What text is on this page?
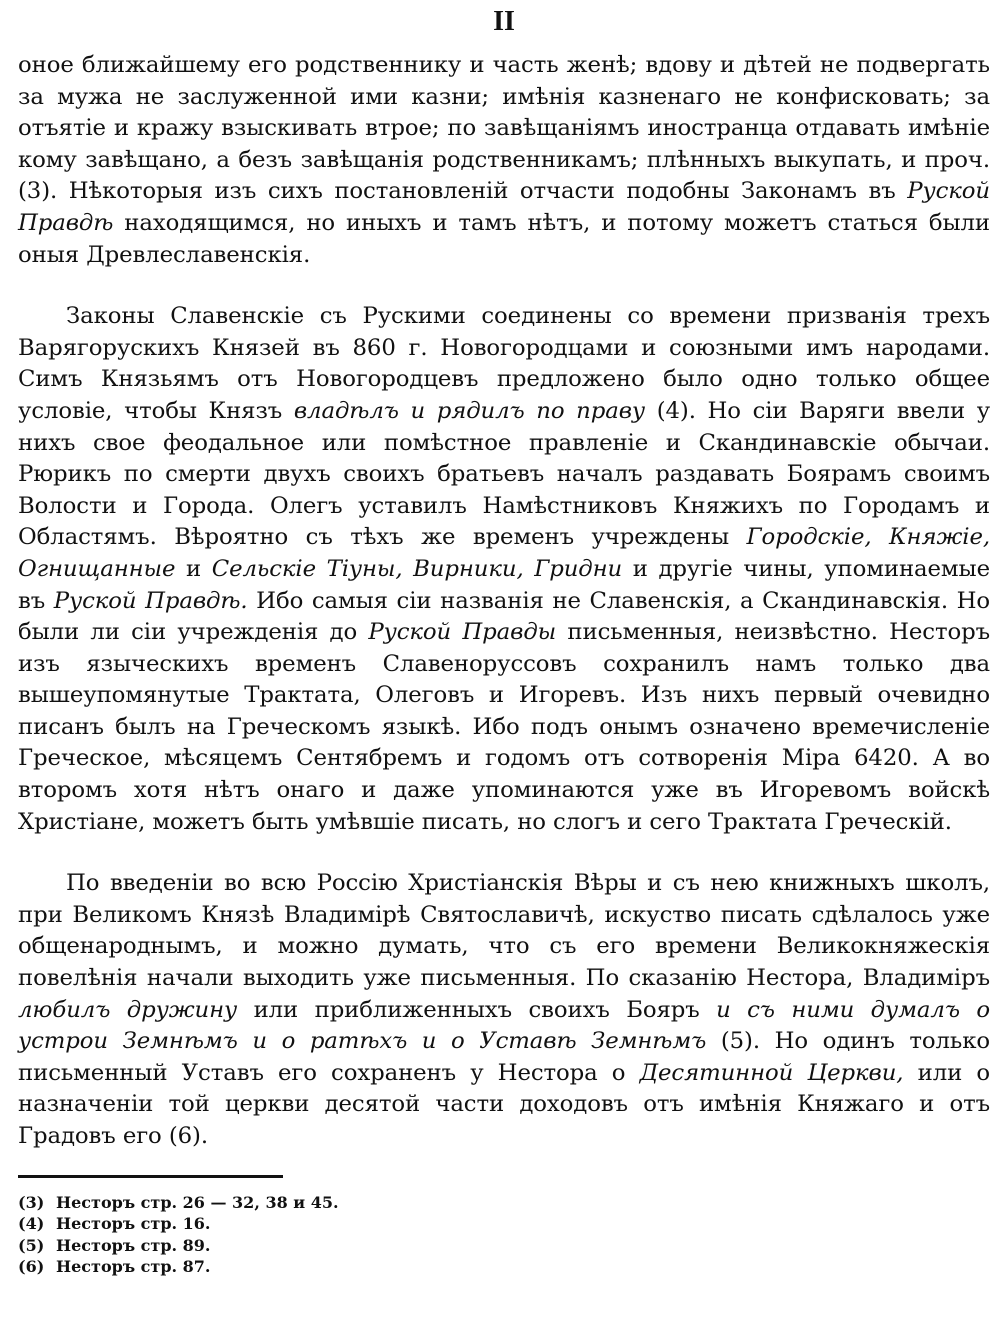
II

оное ближайшему его родственнику и часть женѣ; вдову и дѣтей не подвергать за мужа не заслуженной ими казни; имѣнія казненаго не конфисковать; за отъятіе и кражу взыскивать втрое; по завѣщаніямъ иностранца отдавать имѣніе кому завѣщано, а безъ завѣщанія родственникамъ; плѣнныхъ выкупать, и проч. (3). Нѣкоторыя изъ сихъ постановленій отчасти подобны Законамъ въ Руской Правдѣ находящимся, но иныхъ и тамъ нѣтъ, и потому можетъ статься были оныя Древлеславенскія.

Законы Славенскіе съ Рускими соединены со времени призванія трехъ Варягорускихъ Князей въ 860 г. Новогородцами и союзными имъ народами. Симъ Князьямъ отъ Новогородцевъ предложено было одно только общее условіе, чтобы Князъ владѣлъ и рядилъ по праву (4). Но сіи Варяги ввели у нихъ свое феодальное или помѣстное правленіе и Скандинавскіе обычаи. Рюрикъ по смерти двухъ своихъ братьевъ началъ раздавать Боярамъ своимъ Волости и Города. Олегъ уставилъ Намѣстниковъ Княжихъ по Городамъ и Областямъ. Вѣроятно съ тѣхъ же временъ учреждены Городскіе, Княжіе, Огнищанные и Сельскіе Тіуны, Вирники, Гридни и другіе чины, упоминаемые въ Руской Правдѣ. Ибо самыя сіи названія не Славенскія, а Скандинавскія. Но были ли сіи учрежденія до Руской Правды письменныя, неизвѣстно. Несторъ изъ языческихъ временъ Славеноруссовъ сохранилъ намъ только два вышеупомянутые Трактата, Олеговъ и Игоревъ. Изъ нихъ первый очевидно писанъ былъ на Греческомъ языкѣ. Ибо подъ онымъ означено времечисленіе Греческое, мѣсяцемъ Сентябремъ и годомъ отъ сотворенія Міра 6420. А во второмъ хотя нѣтъ онаго и даже упоминаются уже въ Игоревомъ войскѣ Христіане, можетъ быть умѣвшіе писать, но слогъ и сего Трактата Греческій.

По введеніи во всю Россію Христіанскія Вѣры и съ нею книжныхъ школъ, при Великомъ Князѣ Владимірѣ Святославичѣ, искуство писать сдѣлалось уже общенароднымъ, и можно думать, что съ его времени Великокняжескія повелѣнія начали выходить уже письменныя. По сказанію Нестора, Владиміръ любилъ дружину или приближенныхъ своихъ Бояръ и съ ними думалъ о устрои Земнѣмъ и о ратѣхъ и о Уставѣ Земнѣмъ (5). Но одинъ только письменный Уставъ его сохраненъ у Нестора о Десятинной Церкви, или о назначеніи той церкви десятой части доходовъ отъ имѣнія Княжаго и отъ Градовъ его (6).

(3) Несторъ стр. 26 — 32, 38 и 45.
(4) Несторъ стр. 16.
(5) Несторъ стр. 89.
(6) Несторъ стр. 87.
